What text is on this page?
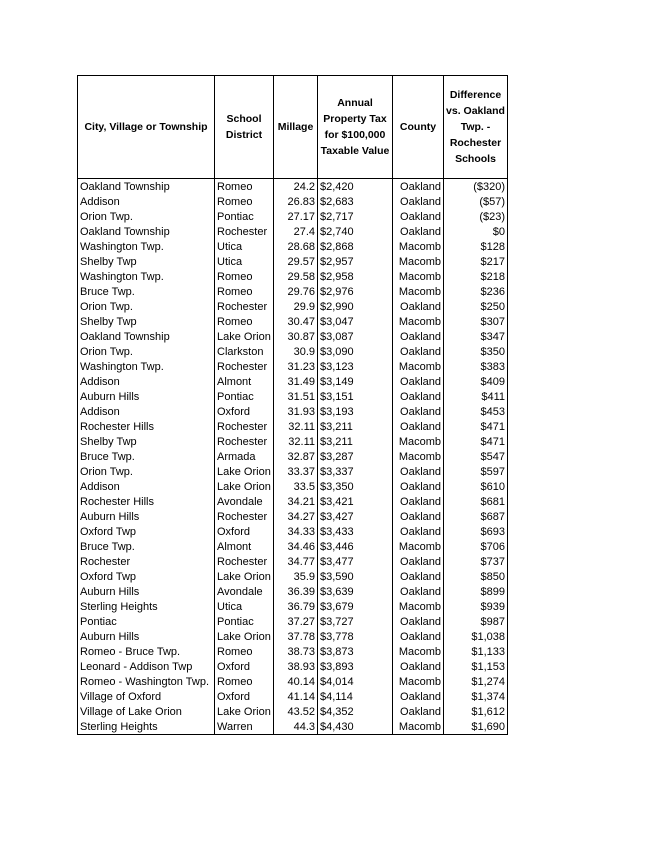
City, Village or Township	School District	Millage	Annual Property Tax for $100,000 Taxable Value	County	Difference vs. Oakland Twp. - Rochester Schools
Oakland Township	Romeo	24.2	$2,420	Oakland	($320)
Addison	Romeo	26.83	$2,683	Oakland	($57)
Orion Twp.	Pontiac	27.17	$2,717	Oakland	($23)
Oakland Township	Rochester	27.4	$2,740	Oakland	$0
Washington Twp.	Utica	28.68	$2,868	Macomb	$128
Shelby Twp	Utica	29.57	$2,957	Macomb	$217
Washington Twp.	Romeo	29.58	$2,958	Macomb	$218
Bruce Twp.	Romeo	29.76	$2,976	Macomb	$236
Orion Twp.	Rochester	29.9	$2,990	Oakland	$250
Shelby Twp	Romeo	30.47	$3,047	Macomb	$307
Oakland Township	Lake Orion	30.87	$3,087	Oakland	$347
Orion Twp.	Clarkston	30.9	$3,090	Oakland	$350
Washington Twp.	Rochester	31.23	$3,123	Macomb	$383
Addison	Almont	31.49	$3,149	Oakland	$409
Auburn Hills	Pontiac	31.51	$3,151	Oakland	$411
Addison	Oxford	31.93	$3,193	Oakland	$453
Rochester Hills	Rochester	32.11	$3,211	Oakland	$471
Shelby Twp	Rochester	32.11	$3,211	Macomb	$471
Bruce Twp.	Armada	32.87	$3,287	Macomb	$547
Orion Twp.	Lake Orion	33.37	$3,337	Oakland	$597
Addison	Lake Orion	33.5	$3,350	Oakland	$610
Rochester Hills	Avondale	34.21	$3,421	Oakland	$681
Auburn Hills	Rochester	34.27	$3,427	Oakland	$687
Oxford Twp	Oxford	34.33	$3,433	Oakland	$693
Bruce Twp.	Almont	34.46	$3,446	Macomb	$706
Rochester	Rochester	34.77	$3,477	Oakland	$737
Oxford Twp	Lake Orion	35.9	$3,590	Oakland	$850
Auburn Hills	Avondale	36.39	$3,639	Oakland	$899
Sterling Heights	Utica	36.79	$3,679	Macomb	$939
Pontiac	Pontiac	37.27	$3,727	Oakland	$987
Auburn Hills	Lake Orion	37.78	$3,778	Oakland	$1,038
Romeo - Bruce Twp.	Romeo	38.73	$3,873	Macomb	$1,133
Leonard - Addison Twp	Oxford	38.93	$3,893	Oakland	$1,153
Romeo - Washington Twp.	Romeo	40.14	$4,014	Macomb	$1,274
Village of Oxford	Oxford	41.14	$4,114	Oakland	$1,374
Village of Lake Orion	Lake Orion	43.52	$4,352	Oakland	$1,612
Sterling Heights	Warren	44.3	$4,430	Macomb	$1,690
